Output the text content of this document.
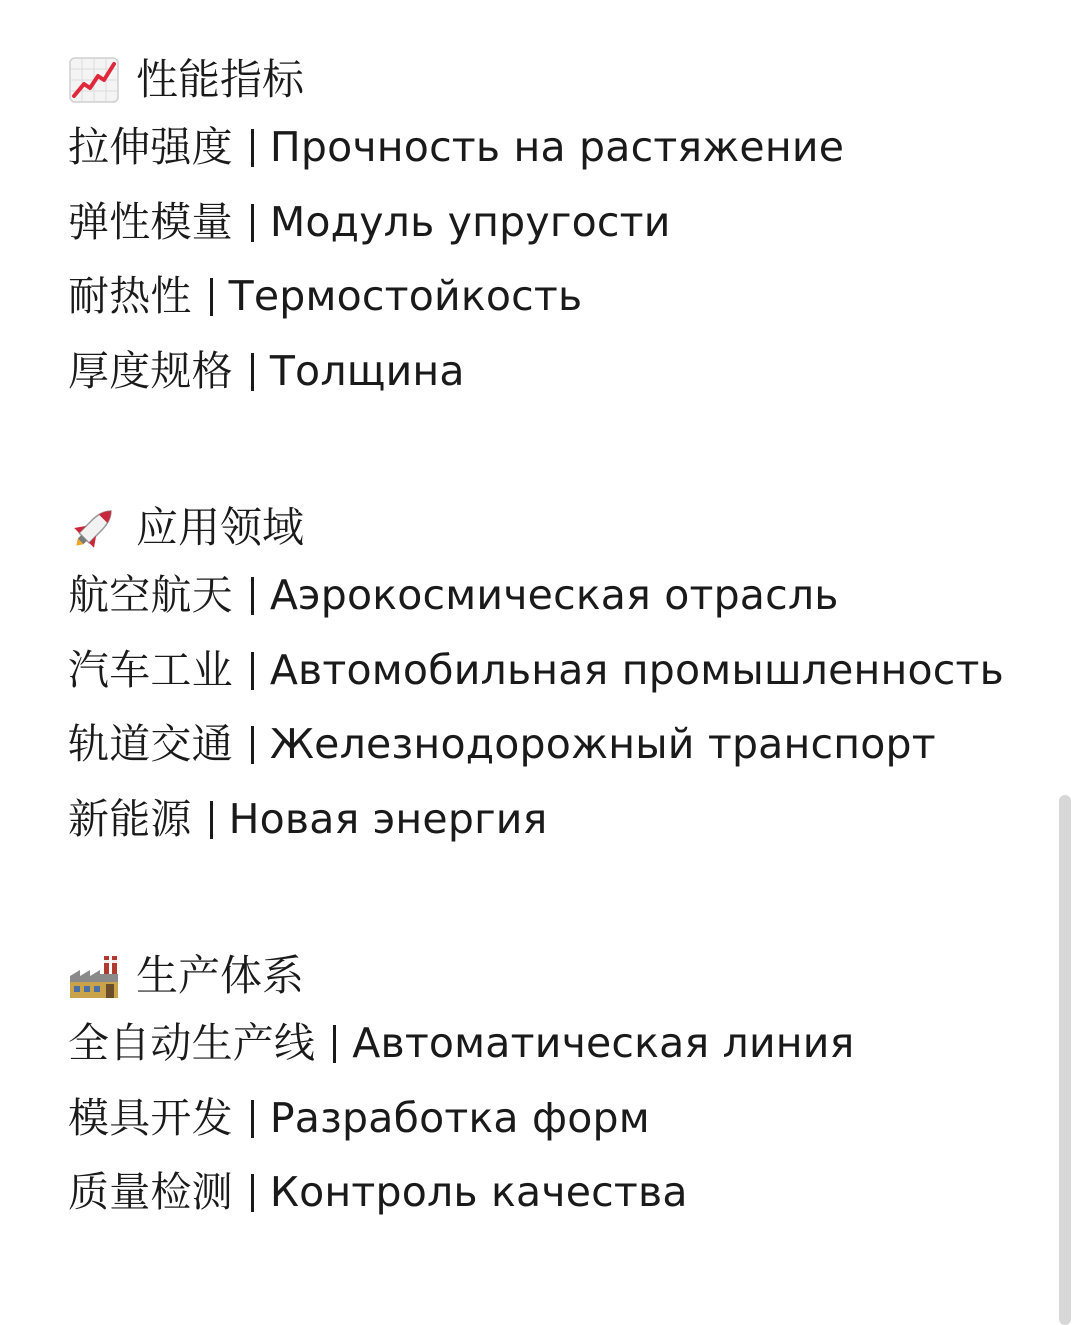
性能指标
拉伸强度 Прочность на растяжение
弹性模量 Модуль упругости
耐热性 Термостойкость
厚度规格 Толщина
应用领域
航空航天 Аэрокосмическая отрасль
汽车工业 Автомобильная промышленность
轨道交通 Железнодорожный транспорт
新能源 Новая энергия
生产体系
全自动生产线 Автоматическая линия
模具开发 Разработка форм
质量检测 Контроль качества
